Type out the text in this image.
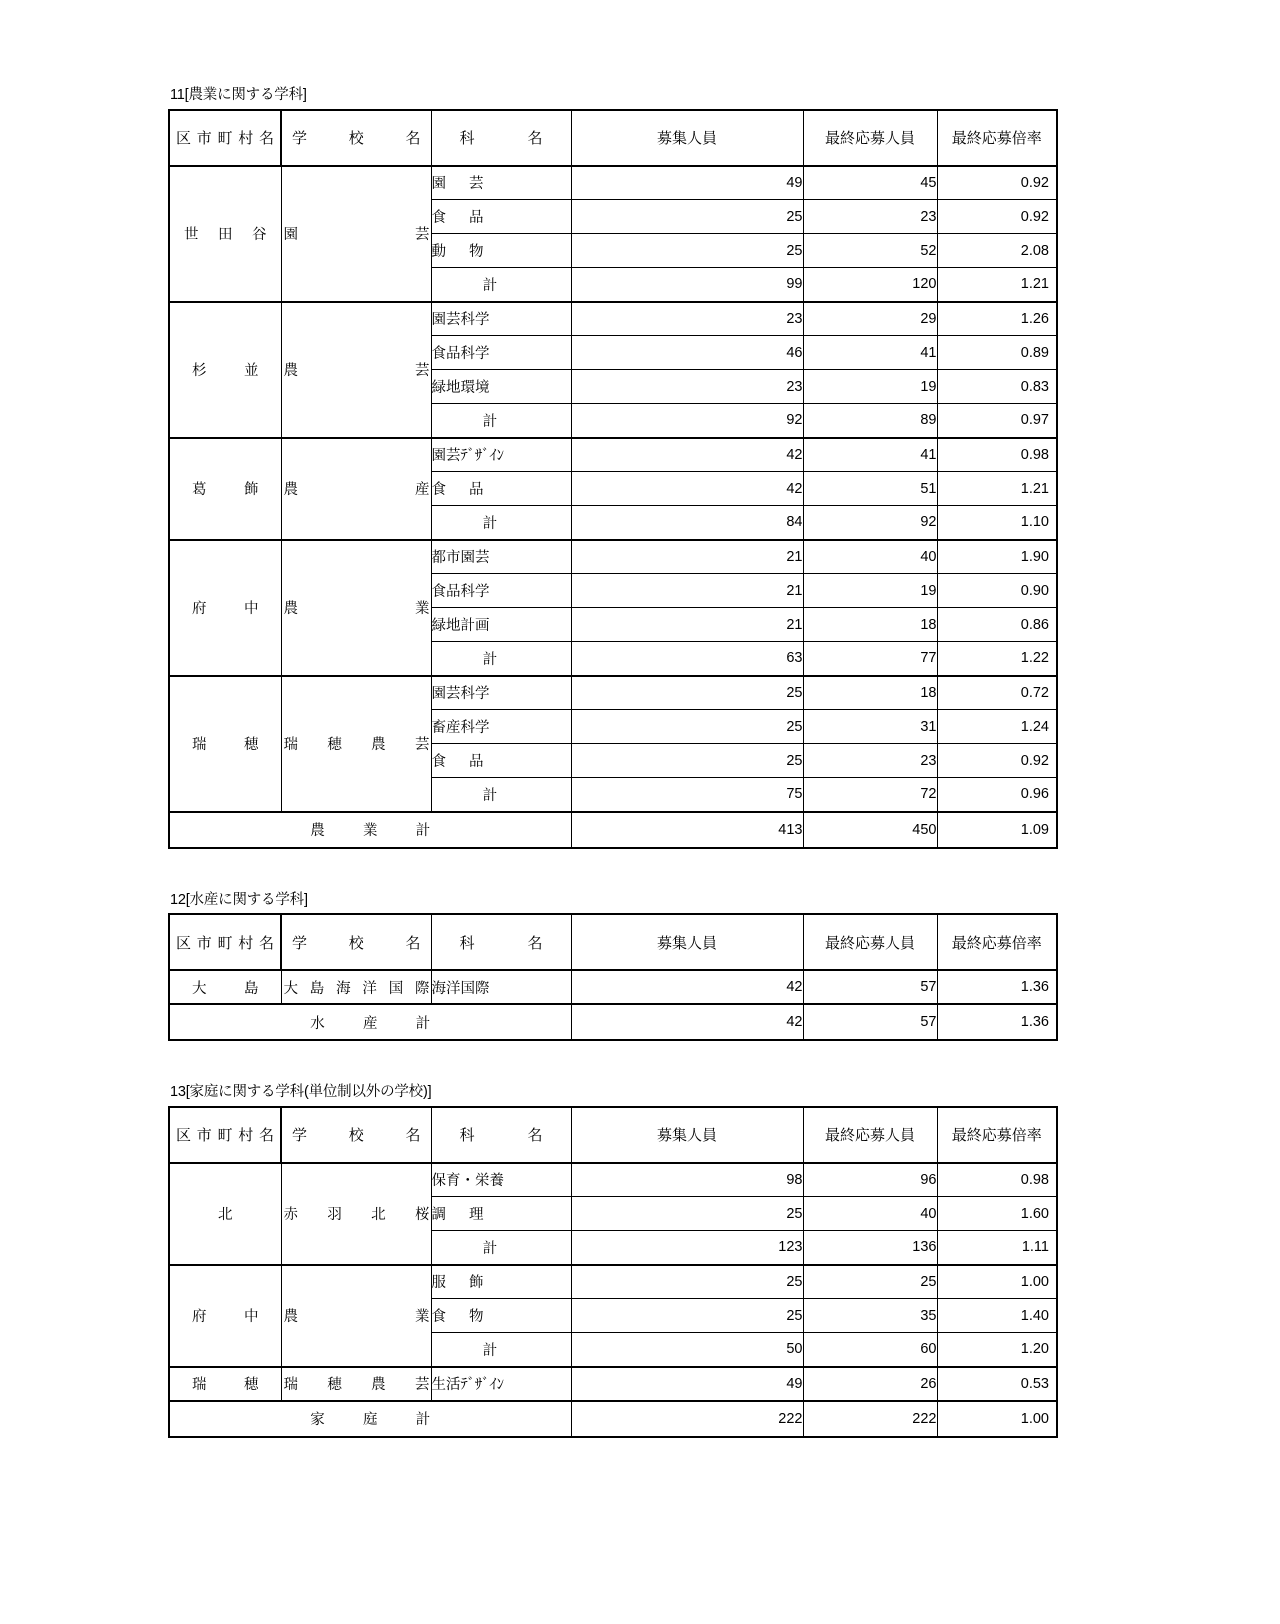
11[農業に関する学科]
区市町村名	学校名	科名	募集人員	最終応募人員	最終応募倍率

世田谷	園芸	園芸	49	45	0.92
		食品	25	23	0.92
		動物	25	52	2.08
		計	99	120	1.21

杉並	農芸	園芸科学	23	29	1.26
		食品科学	46	41	0.89
		緑地環境	23	19	0.83
		計	92	89	0.97

葛飾	農産	園芸ﾃﾞｻﾞｲﾝ	42	41	0.98
		食品	42	51	1.21
		計	84	92	1.10

府中	農業	都市園芸	21	40	1.90
		食品科学	21	19	0.90
		緑地計画	21	18	0.86
		計	63	77	1.22

瑞穂	瑞穂農芸	園芸科学	25	18	0.72
		畜産科学	25	31	1.24
		食品	25	23	0.92
		計	75	72	0.96
農業計			413	450	1.09
12[水産に関する学科]
区市町村名	学校名	科名	募集人員	最終応募人員	最終応募倍率

大島	大島海洋国際	海洋国際	42	57	1.36
水産計			42	57	1.36
13[家庭に関する学科(単位制以外の学校)]
区市町村名	学校名	科名	募集人員	最終応募人員	最終応募倍率
北	赤羽北桜	保育・栄養	98	96	0.98
		調理	25	40	1.60
		計	123	136	1.11

府中	農業	服飾	25	25	1.00
		食物	25	35	1.40
		計	50	60	1.20

瑞穂	瑞穂農芸	生活ﾃﾞｻﾞｲﾝ	49	26	0.53
家庭計			222	222	1.00
